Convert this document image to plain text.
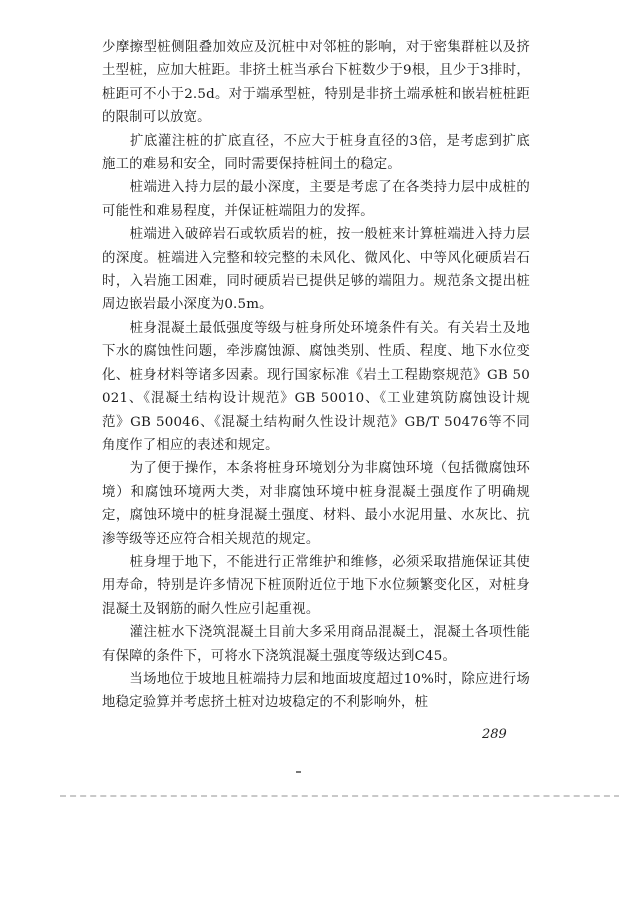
少摩擦型桩侧阻叠加效应及沉桩中对邻桩的影响，对于密集群桩以及挤土型桩，应加大桩距。非挤土桩当承台下桩数少于9根，且少于3排时，桩距可不小于2.5d。对于端承型桩，特别是非挤土端承桩和嵌岩桩桩距的限制可以放宽。

　　扩底灌注桩的扩底直径，不应大于桩身直径的3倍，是考虑到扩底施工的难易和安全，同时需要保持桩间土的稳定。

　　桩端进入持力层的最小深度，主要是考虑了在各类持力层中成桩的可能性和难易程度，并保证桩端阻力的发挥。

　　桩端进入破碎岩石或软质岩的桩，按一般桩来计算桩端进入持力层的深度。桩端进入完整和较完整的未风化、微风化、中等风化硬质岩石时，入岩施工困难，同时硬质岩已提供足够的端阻力。规范条文提出桩周边嵌岩最小深度为0.5m。

　　桩身混凝土最低强度等级与桩身所处环境条件有关。有关岩土及地下水的腐蚀性问题，牵涉腐蚀源、腐蚀类别、性质、程度、地下水位变化、桩身材料等诸多因素。现行国家标准《岩土工程勘察规范》GB 50021、《混凝土结构设计规范》GB 50010、《工业建筑防腐蚀设计规范》GB 50046、《混凝土结构耐久性设计规范》GB/T 50476等不同角度作了相应的表述和规定。

　　为了便于操作，本条将桩身环境划分为非腐蚀环境（包括微腐蚀环境）和腐蚀环境两大类，对非腐蚀环境中桩身混凝土强度作了明确规定，腐蚀环境中的桩身混凝土强度、材料、最小水泥用量、水灰比、抗渗等级等还应符合相关规范的规定。

　　桩身埋于地下，不能进行正常维护和维修，必须采取措施保证其使用寿命，特别是许多情况下桩顶附近位于地下水位频繁变化区，对桩身混凝土及钢筋的耐久性应引起重视。

　　灌注桩水下浇筑混凝土目前大多采用商品混凝土，混凝土各项性能有保障的条件下，可将水下浇筑混凝土强度等级达到C45。

　　当场地位于坡地且桩端持力层和地面坡度超过10%时，除应进行场地稳定验算并考虑挤土桩对边坡稳定的不利影响外，桩

289
